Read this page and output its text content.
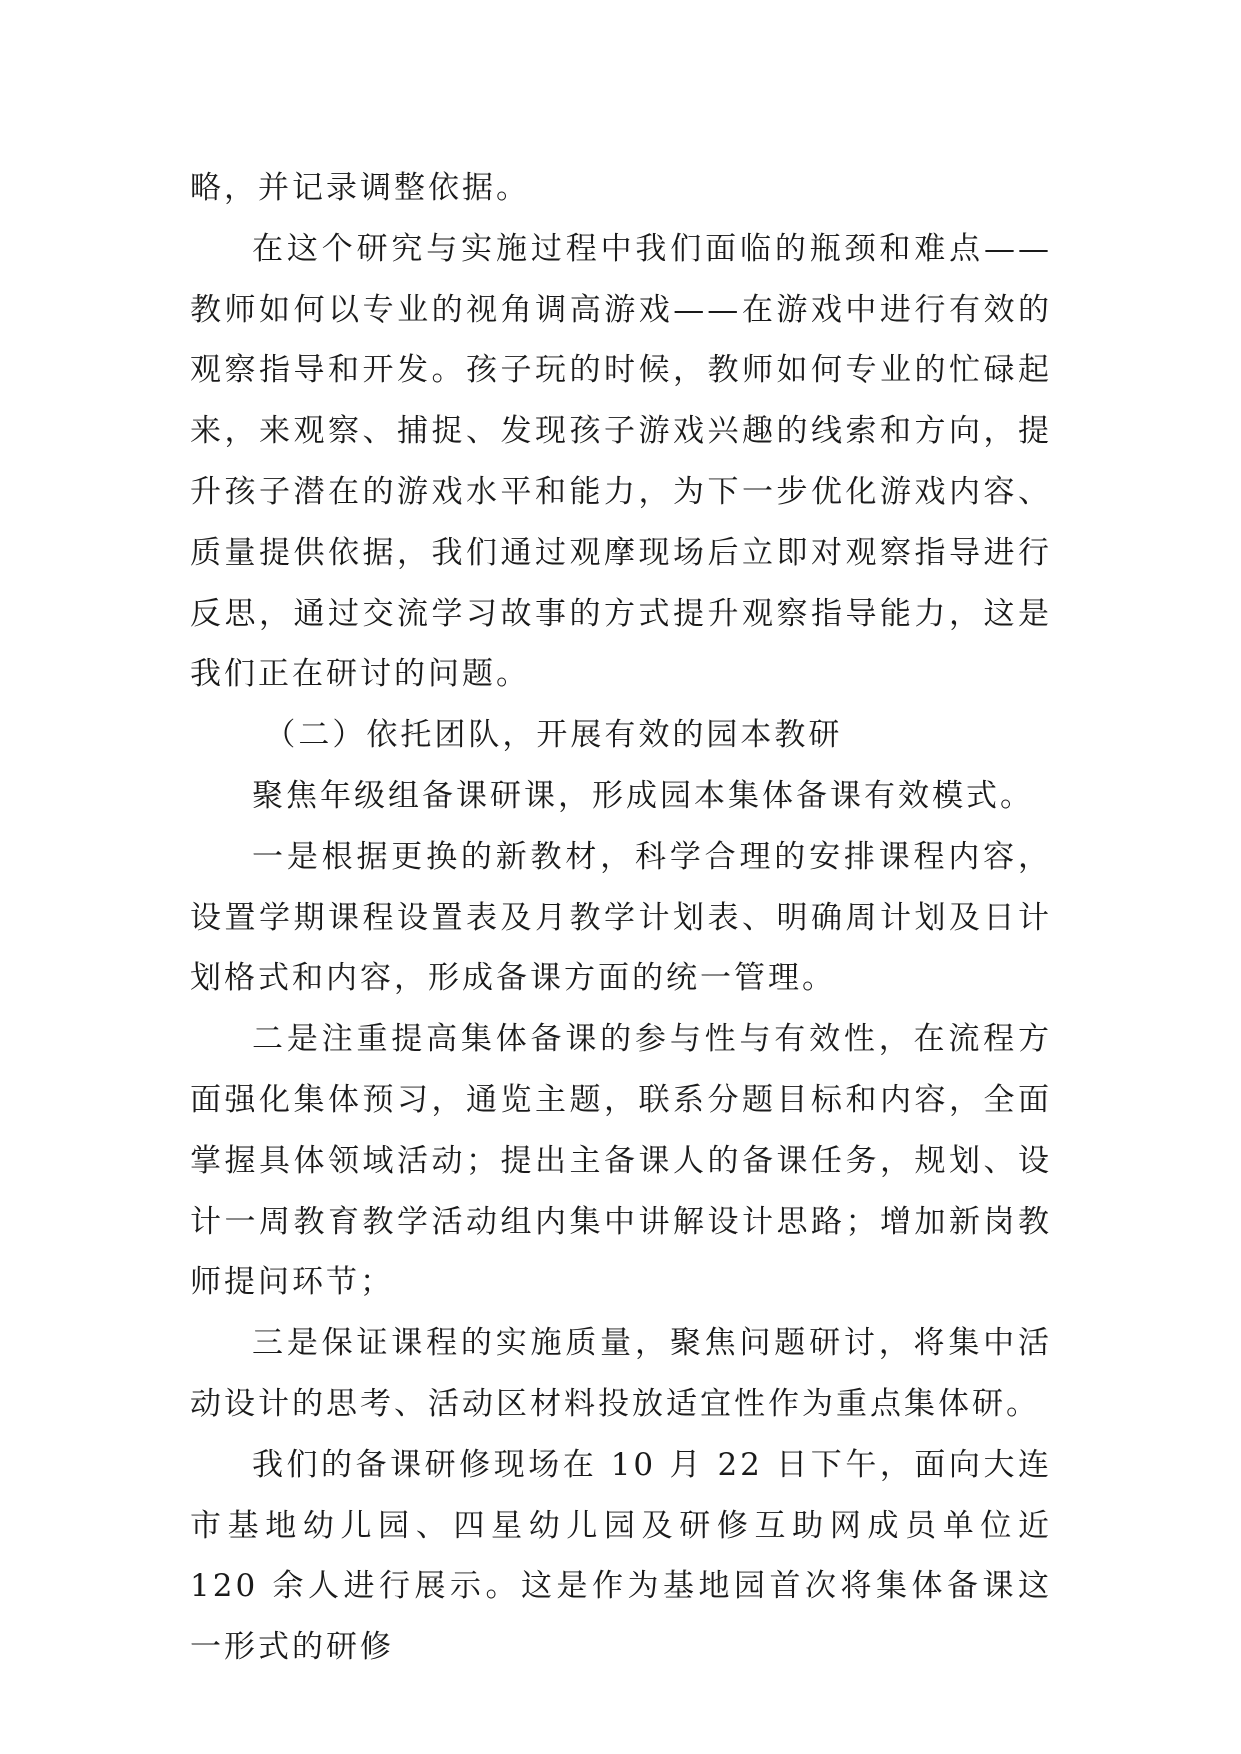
略，并记录调整依据。

在这个研究与实施过程中我们面临的瓶颈和难点——教师如何以专业的视角调高游戏——在游戏中进行有效的观察指导和开发。孩子玩的时候，教师如何专业的忙碌起来，来观察、捕捉、发现孩子游戏兴趣的线索和方向，提升孩子潜在的游戏水平和能力，为下一步优化游戏内容、质量提供依据，我们通过观摩现场后立即对观察指导进行反思，通过交流学习故事的方式提升观察指导能力，这是我们正在研讨的问题。

（二）依托团队，开展有效的园本教研

聚焦年级组备课研课，形成园本集体备课有效模式。

一是根据更换的新教材，科学合理的安排课程内容，设置学期课程设置表及月教学计划表、明确周计划及日计划格式和内容，形成备课方面的统一管理。

二是注重提高集体备课的参与性与有效性，在流程方面强化集体预习，通览主题，联系分题目标和内容，全面掌握具体领域活动；提出主备课人的备课任务，规划、设计一周教育教学活动组内集中讲解设计思路；增加新岗教师提问环节；

三是保证课程的实施质量，聚焦问题研讨，将集中活动设计的思考、活动区材料投放适宜性作为重点集体研。

我们的备课研修现场在 10 月 22 日下午，面向大连市基地幼儿园、四星幼儿园及研修互助网成员单位近 120 余人进行展示。这是作为基地园首次将集体备课这一形式的研修
